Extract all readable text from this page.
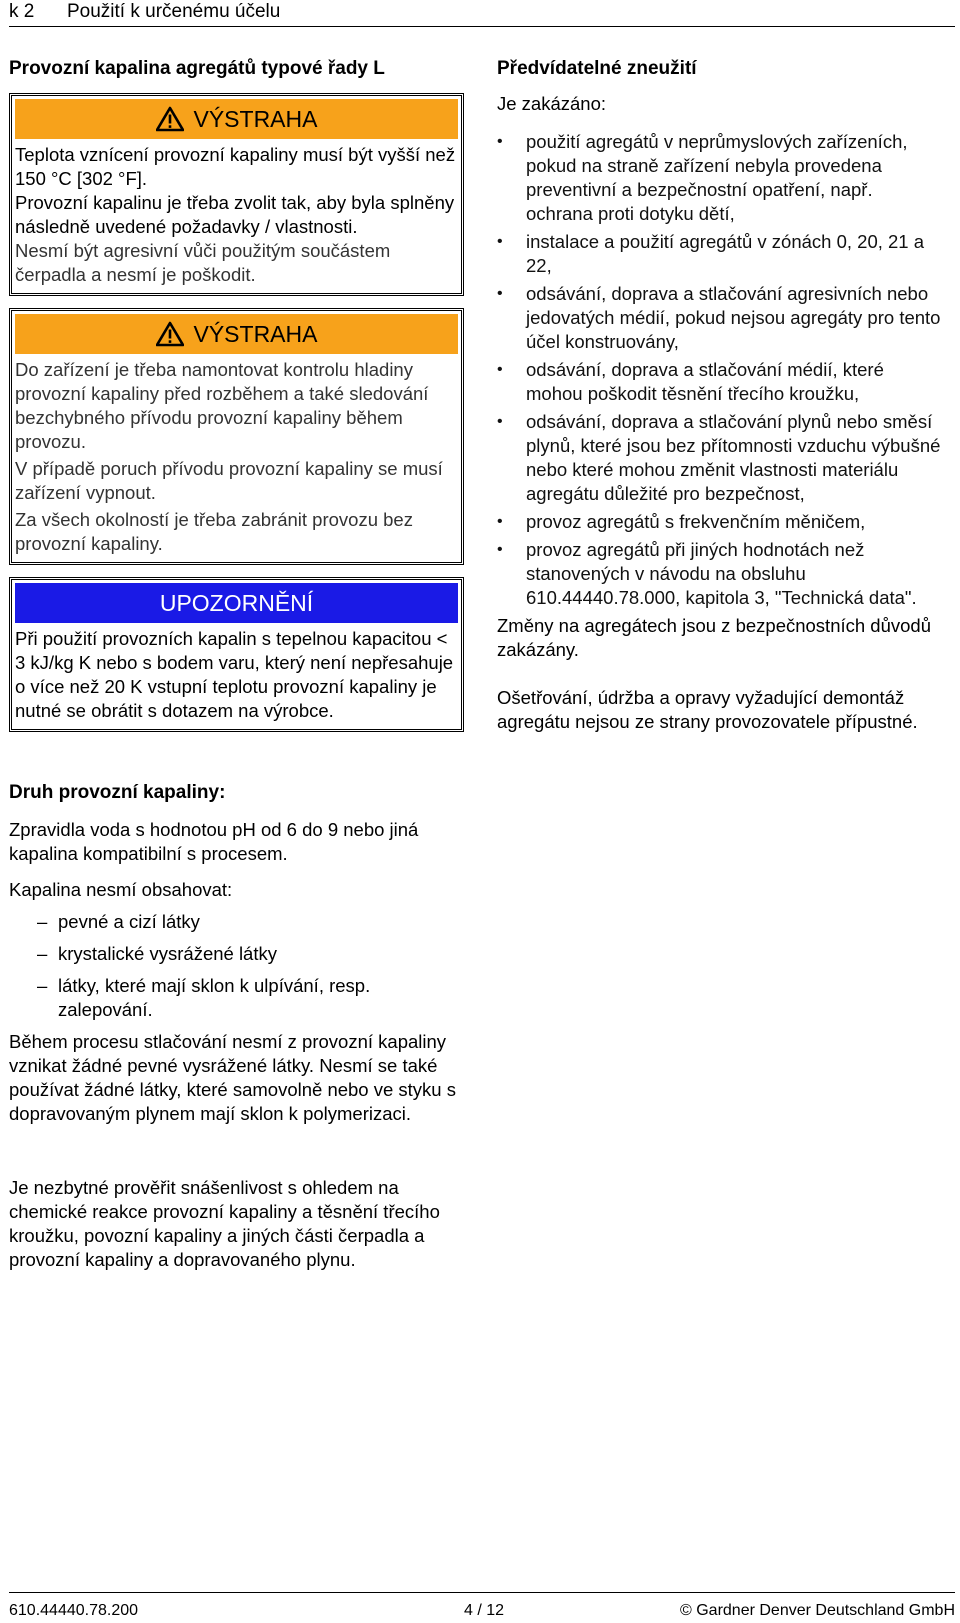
k 2 Použití k určenému účelu

Provozní kapalina agregátů typové řady L

VÝSTRAHA

Teplota vznícení provozní kapaliny musí být vyšší než 150 °C [302 °F].

Provozní kapalinu je třeba zvolit tak, aby byla splněny následně uvedené požadavky / vlastnosti.

Nesmí být agresivní vůči použitým součástem čerpadla a nesmí je poškodit.

VÝSTRAHA

Do zařízení je třeba namontovat kontrolu hladiny provozní kapaliny před rozběhem a také sledování bezchybného přívodu provozní kapaliny během provozu.

V případě poruch přívodu provozní kapaliny se musí zařízení vypnout.

Za všech okolností je třeba zabránit provozu bez provozní kapaliny.

UPOZORNĚNÍ

Při použití provozních kapalin s tepelnou kapacitou < 3 kJ/kg K nebo s bodem varu, který není nepřesahuje o více než 20 K vstupní teplotu provozní kapaliny je nutné se obrátit s dotazem na výrobce.

Druh provozní kapaliny:

Zpravidla voda s hodnotou pH od 6 do 9 nebo jiná kapalina kompatibilní s procesem.

Kapalina nesmí obsahovat:

– pevné a cizí látky
– krystalické vysrážené látky
– látky, které mají sklon k ulpívání, resp. zalepování.

Během procesu stlačování nesmí z provozní kapaliny vznikat žádné pevné vysrážené látky. Nesmí se také používat žádné látky, které samovolně nebo ve styku s dopravovaným plynem mají sklon k polymerizaci.

Je nezbytné prověřit snášenlivost s ohledem na chemické reakce provozní kapaliny a těsnění třecího kroužku, povozní kapaliny a jiných části čerpadla a provozní kapaliny a dopravovaného plynu.

Předvídatelné zneužití

Je zakázáno:

• použití agregátů v neprůmyslových zařízeních, pokud na straně zařízení nebyla provedena preventivní a bezpečnostní opatření, např. ochrana proti dotyku dětí,
• instalace a použití agregátů v zónách 0, 20, 21 a 22,
• odsávání, doprava a stlačování agresivních nebo jedovatých médií, pokud nejsou agregáty pro tento účel konstruovány,
• odsávání, doprava a stlačování médií, které mohou poškodit těsnění třecího kroužku,
• odsávání, doprava a stlačování plynů nebo směsí plynů, které jsou bez přítomnosti vzduchu výbušné nebo které mohou změnit vlastnosti materiálu agregátu důležité pro bezpečnost,
• provoz agregátů s frekvenčním měničem,
• provoz agregátů při jiných hodnotách než stanovených v návodu na obsluhu 610.44440.78.000, kapitola 3, "Technická data".

Změny na agregátech jsou z bezpečnostních důvodů zakázány.

Ošetřování, údržba a opravy vyžadující demontáž agregátu nejsou ze strany provozovatele přípustné.

610.44440.78.200	4 / 12	© Gardner Denver Deutschland GmbH
